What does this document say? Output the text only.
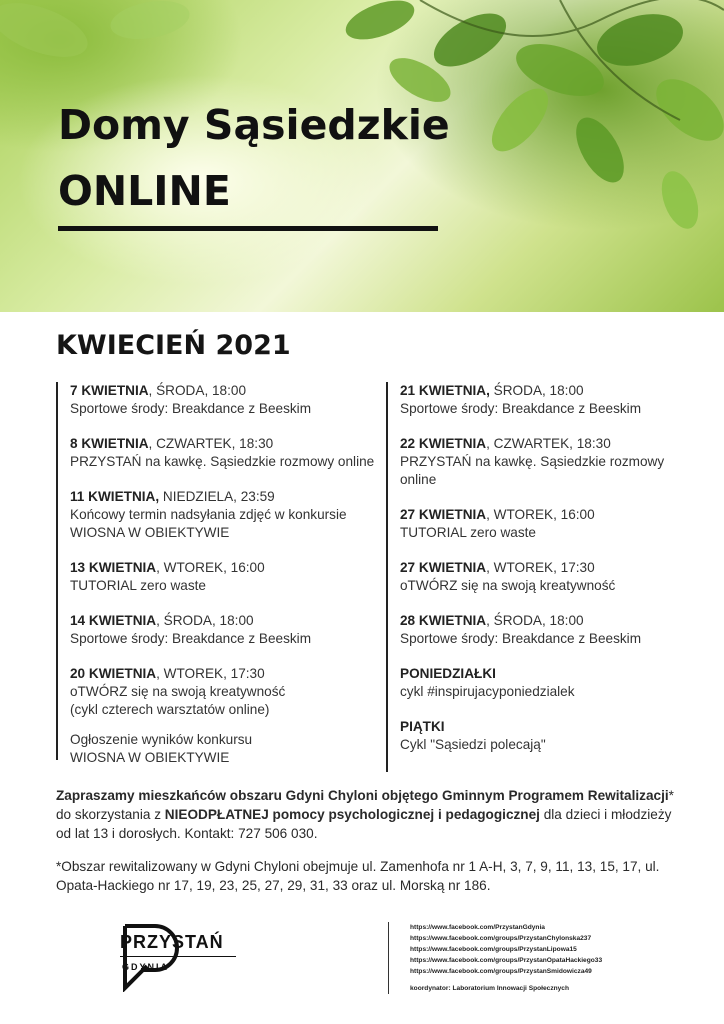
Domy Sąsiedzkie
ONLINE
KWIECIEŃ 2021
7 KWIETNIA, ŚRODA, 18:00
Sportowe środy: Breakdance z Beeskim
8 KWIETNIA, CZWARTEK, 18:30
PRZYSTAŃ na kawkę. Sąsiedzkie rozmowy online
11 KWIETNIA, NIEDZIELA, 23:59
Końcowy termin nadsyłania zdjęć w konkursie
WIOSNA W OBIEKTYWIE
13 KWIETNIA, WTOREK, 16:00
TUTORIAL zero waste
14 KWIETNIA, ŚRODA, 18:00
Sportowe środy: Breakdance z Beeskim
20 KWIETNIA, WTOREK, 17:30
oTWÓRZ się na swoją kreatywność
(cykl czterech warsztatów online)
Ogłoszenie wyników konkursu
WIOSNA W OBIEKTYWIE
21 KWIETNIA, ŚRODA, 18:00
Sportowe środy: Breakdance z Beeskim
22 KWIETNIA, CZWARTEK, 18:30
PRZYSTAŃ na kawkę. Sąsiedzkie rozmowy
online
27 KWIETNIA, WTOREK, 16:00
TUTORIAL zero waste
27 KWIETNIA, WTOREK, 17:30
oTWÓRZ się na swoją kreatywność
28 KWIETNIA, ŚRODA, 18:00
Sportowe środy: Breakdance z Beeskim
PONIEDZIAŁKI
cykl #inspirujacyponiedzialek
PIĄTKI
Cykl "Sąsiedzi polecają"

Zapraszamy mieszkańców obszaru Gdyni Chyloni objętego Gminnym Programem Rewitalizacji* do skorzystania z NIEODPŁATNEJ pomocy psychologicznej i pedagogicznej dla dzieci i młodzieży od lat 13 i dorosłych. Kontakt: 727 506 030.

*Obszar rewitalizowany w Gdyni Chyloni obejmuje ul. Zamenhofa nr 1 A-H, 3, 7, 9, 11, 13, 15, 17, ul. Opata-Hackiego nr 17, 19, 23, 25, 27, 29, 31, 33 oraz ul. Morską nr 186.

PRZYSTAŃ
GDYNIA
https://www.facebook.com/PrzystanGdynia
https://www.facebook.com/groups/PrzystanChylonska237
https://www.facebook.com/groups/PrzystanLipowa15
https://www.facebook.com/groups/PrzystanOpataHackiego33
https://www.facebook.com/groups/PrzystanSmidowicza49
koordynator: Laboratorium Innowacji Społecznych
